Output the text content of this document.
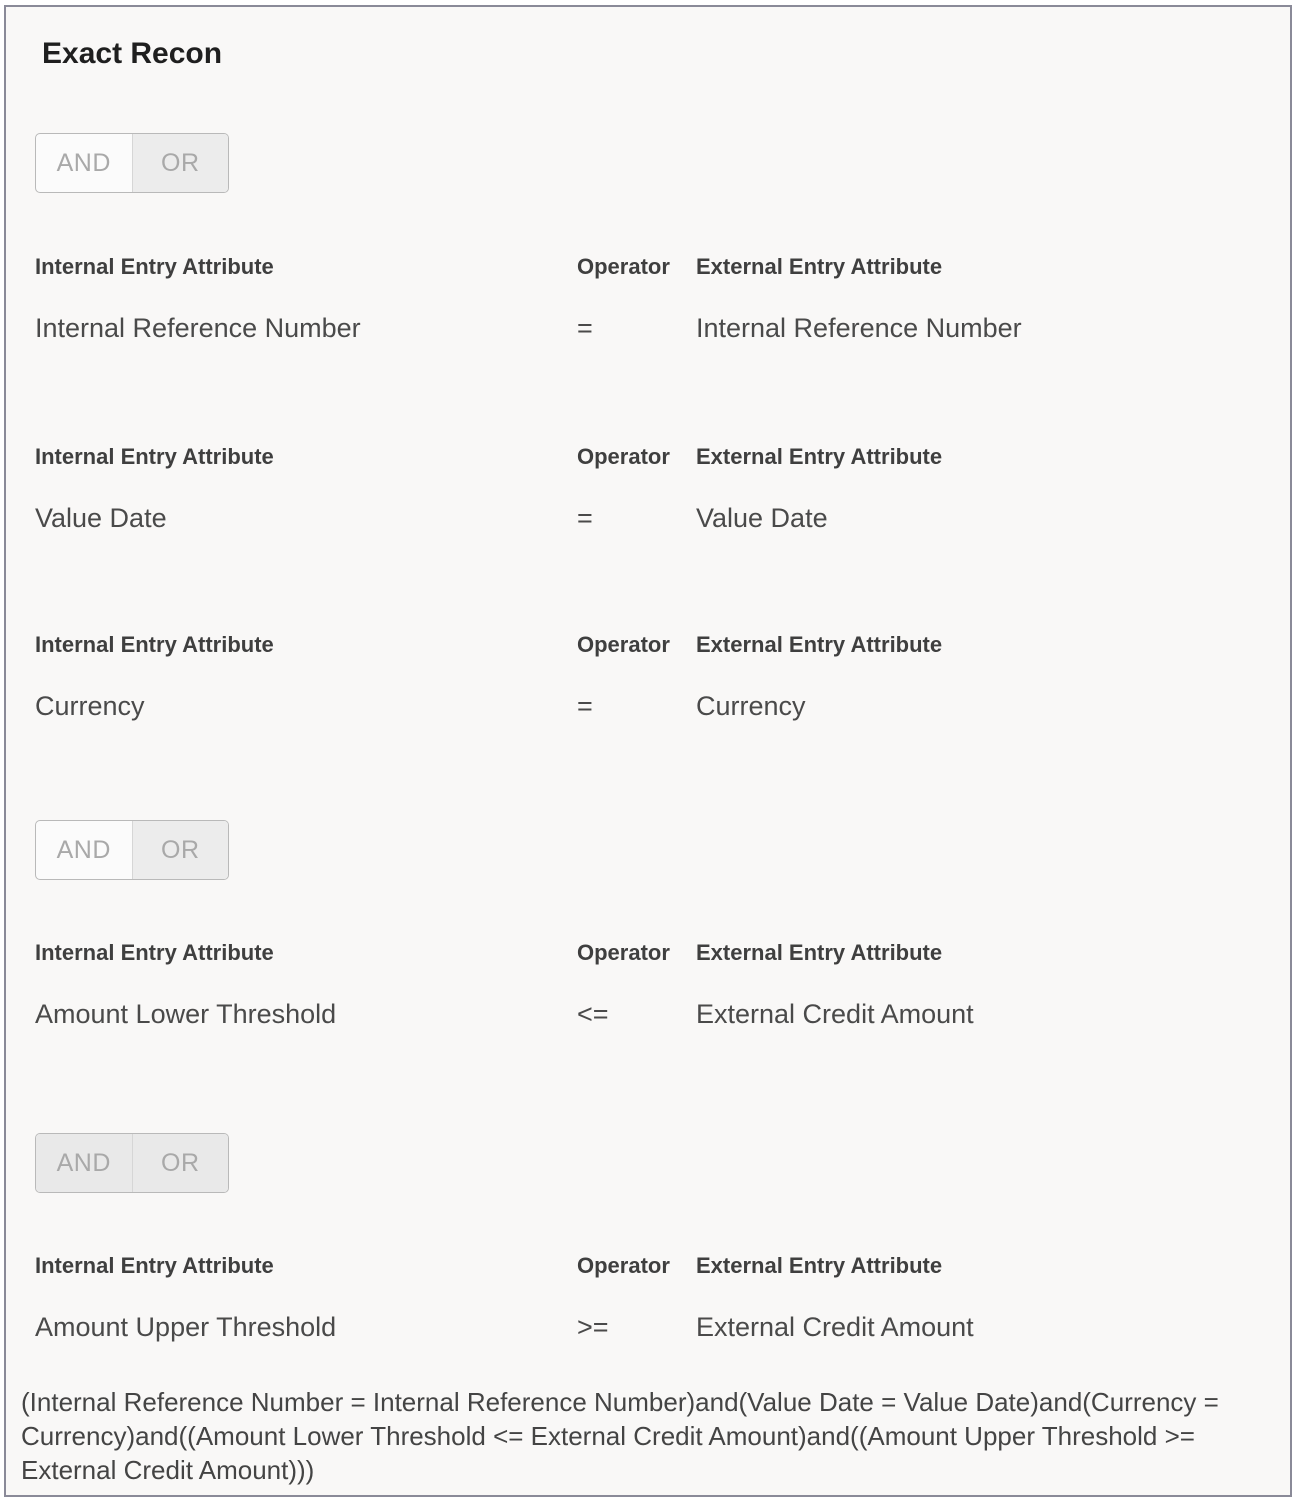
Exact Recon
AND	OR
Internal Entry Attribute	Operator External Entry Attribute
Internal Reference Number	=	Internal Reference Number
Internal Entry Attribute	Operator External Entry Attribute
Value Date	=	Value Date
Internal Entry Attribute	Operator External Entry Attribute
Currency	=	Currency
AND	OR
Internal Entry Attribute	Operator External Entry Attribute
Amount Lower Threshold	<=	External Credit Amount
AND	OR
Internal Entry Attribute	Operator External Entry Attribute
Amount Upper Threshold	>=	External Credit Amount
(Internal Reference Number = Internal Reference Number)and(Value Date = Value Date)and(Currency = Currency)and((Amount Lower Threshold <= External Credit Amount)and((Amount Upper Threshold >= External Credit Amount)))
